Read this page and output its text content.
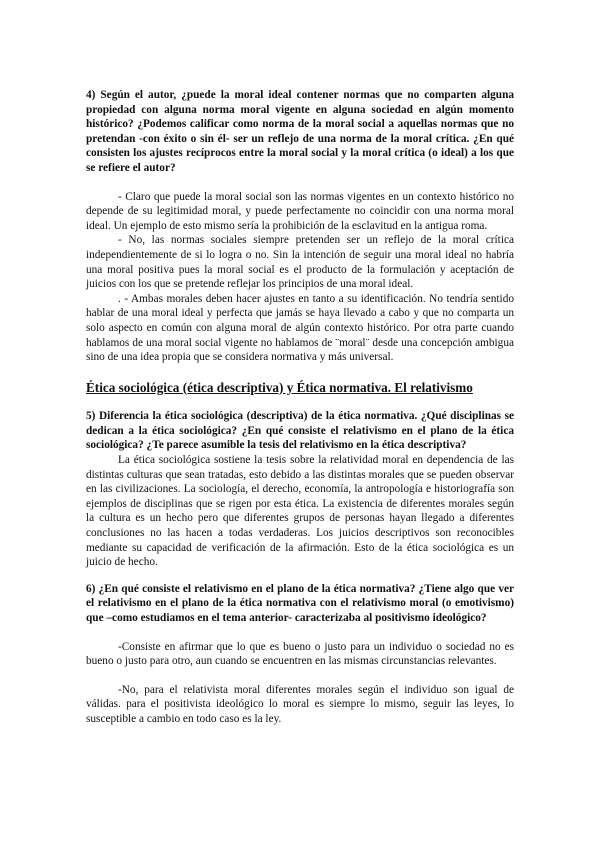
4) Según el autor, ¿puede la moral ideal contener normas que no comparten alguna propiedad con alguna norma moral vigente en alguna sociedad en algún momento histórico? ¿Podemos calificar como norma de la moral social a aquellas normas que no pretendan -con éxito o sin él- ser un reflejo de una norma de la moral crítica. ¿En qué consisten los ajustes recíprocos entre la moral social y la moral crítica (o ideal) a los que se refiere el autor?

- Claro que puede la moral social son las normas vigentes en un contexto histórico no depende de su legitimidad moral, y puede perfectamente no coincidir con una norma moral ideal. Un ejemplo de esto mismo sería la prohibición de la esclavitud en la antigua roma.

- No, las normas sociales siempre pretenden ser un reflejo de la moral crítica independientemente de si lo logra o no. Sin la intención de seguir una moral ideal no habría una moral positiva pues la moral social es el producto de la formulación y aceptación de juicios con los que se pretende reflejar los principios de una moral ideal.

. - Ambas morales deben hacer ajustes en tanto a su identificación. No tendría sentido hablar de una moral ideal y perfecta que jamás se haya llevado a cabo y que no comparta un solo aspecto en común con alguna moral de algún contexto histórico. Por otra parte cuando hablamos de una moral social vigente no hablamos de ¨moral¨ desde una concepción ambigua sino de una idea propia que se considera normativa y más universal.

Ética sociológica (ética descriptiva) y Ética normativa. El relativismo

5) Diferencia la ética sociológica (descriptiva) de la ética normativa. ¿Qué disciplinas se dedican a la ética sociológica? ¿En qué consiste el relativismo en el plano de la ética sociológica? ¿Te parece asumible la tesis del relativismo en la ética descriptiva?

La ética sociológica sostiene la tesis sobre la relatividad moral en dependencia de las distintas culturas que sean tratadas, esto debido a las distintas morales que se pueden observar en las civilizaciones. La sociología, el derecho, economía, la antropología e historiografía son ejemplos de disciplinas que se rigen por esta ética. La existencia de diferentes morales según la cultura es un hecho pero que diferentes grupos de personas hayan llegado a diferentes conclusiones no las hacen a todas verdaderas. Los juicios descriptivos son reconocibles mediante su capacidad de verificación de la afirmación. Esto de la ética sociológica es un juicio de hecho.

6) ¿En qué consiste el relativismo en el plano de la ética normativa? ¿Tiene algo que ver el relativismo en el plano de la ética normativa con el relativismo moral (o emotivismo) que –como estudiamos en el tema anterior- caracterizaba al positivismo ideológico?

-Consiste en afirmar que lo que es bueno o justo para un individuo o sociedad no es bueno o justo para otro, aun cuando se encuentren en las mismas circunstancias relevantes.

-No, para el relativista moral diferentes morales según el individuo son igual de válidas. para el positivista ideológico lo moral es siempre lo mismo, seguir las leyes, lo susceptible a cambio en todo caso es la ley.
